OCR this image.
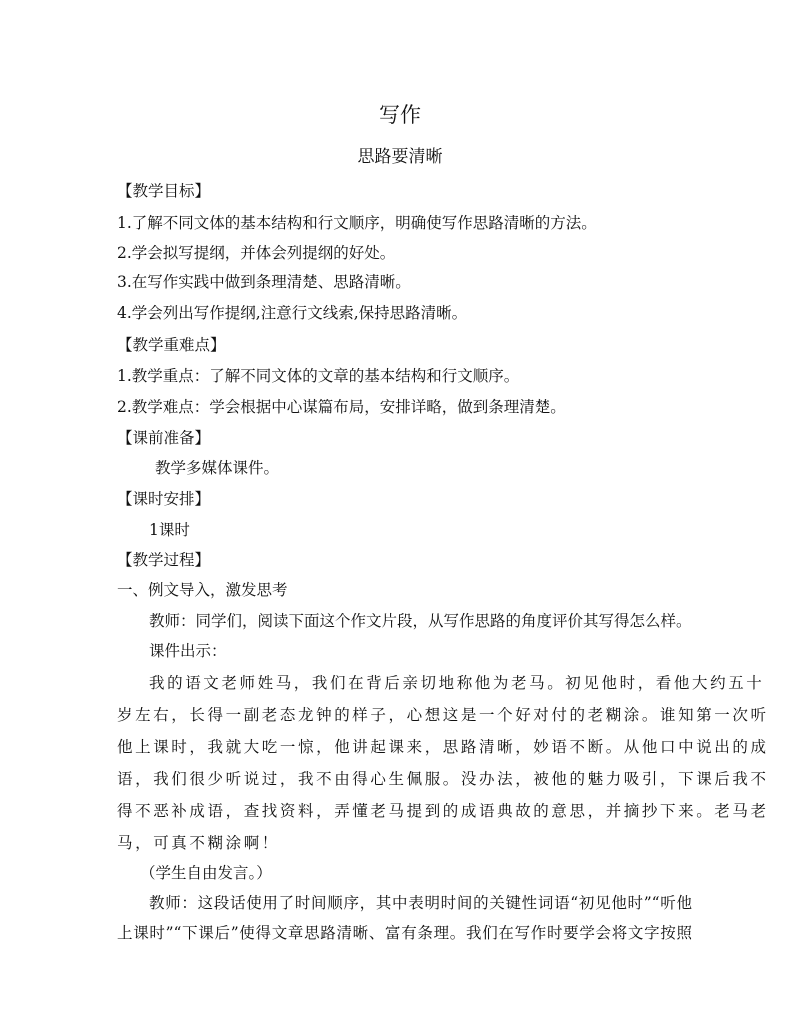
写作
思路要清晰
【教学目标】
1.了解不同文体的基本结构和行文顺序，明确使写作思路清晰的方法。
2.学会拟写提纲，并体会列提纲的好处。
3.在写作实践中做到条理清楚、思路清晰。
4.学会列出写作提纲,注意行文线索,保持思路清晰。
【教学重难点】
1.教学重点：了解不同文体的文章的基本结构和行文顺序。
2.教学难点：学会根据中心谋篇布局，安排详略，做到条理清楚。
【课前准备】
教学多媒体课件。
【课时安排】
1课时
【教学过程】
一、例文导入，激发思考
教师：同学们，阅读下面这个作文片段，从写作思路的角度评价其写得怎么样。
课件出示：
我的语文老师姓马，我们在背后亲切地称他为老马。初见他时，看他大约五十
岁左右，长得一副老态龙钟的样子，心想这是一个好对付的老糊涂。谁知第一次听
他上课时，我就大吃一惊，他讲起课来，思路清晰，妙语不断。从他口中说出的成
语，我们很少听说过，我不由得心生佩服。没办法，被他的魅力吸引，下课后我不
得不恶补成语，查找资料，弄懂老马提到的成语典故的意思，并摘抄下来。老马老
马，可真不糊涂啊！
（学生自由发言。）
教师：这段话使用了时间顺序，其中表明时间的关键性词语“初见他时”“听他
上课时”“下课后”使得文章思路清晰、富有条理。我们在写作时要学会将文字按照
